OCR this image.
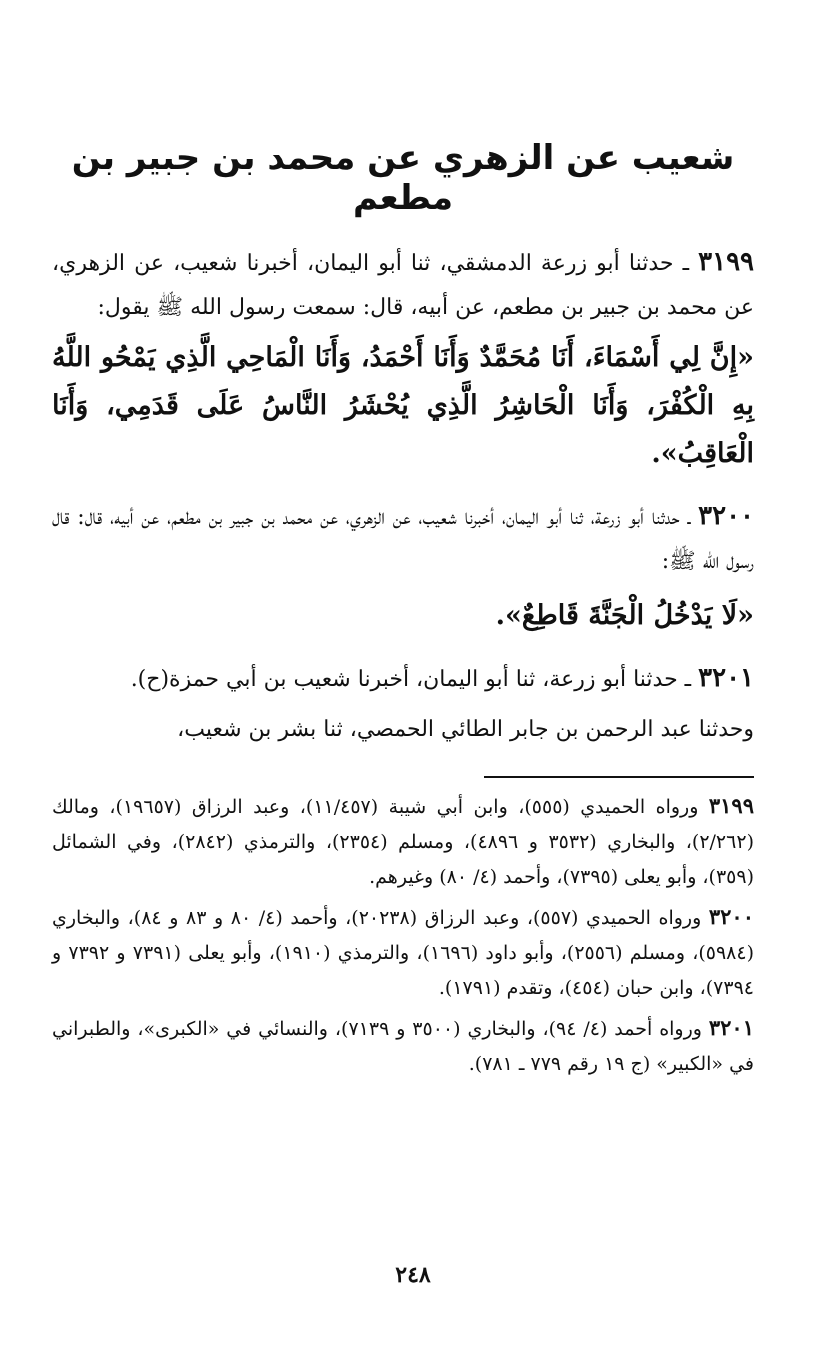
شعيب عن الزهري عن محمد بن جبير بن مطعم

٣١٩٩ ـ حدثنا أبو زرعة الدمشقي، ثنا أبو اليمان، أخبرنا شعيب، عن الزهري، عن محمد بن جبير بن مطعم، عن أبيه، قال: سمعت رسول الله ﷺ يقول:

«إِنَّ لِي أَسْمَاءَ، أَنَا مُحَمَّدٌ وَأَنَا أَحْمَدُ، وَأَنَا الْمَاحِي الَّذِي يَمْحُو اللَّهُ بِهِ الْكُفْرَ، وَأَنَا الْحَاشِرُ الَّذِي يُحْشَرُ النَّاسُ عَلَى قَدَمِي، وَأَنَا الْعَاقِبُ».

٣٢٠٠ ـ حدثنا أبو زرعة، ثنا أبو اليمان، أخبرنا شعيب، عن الزهري، عن محمد بن جبير بن مطعم، عن أبيه، قال: قال رسول الله ﷺ:

«لَا يَدْخُلُ الْجَنَّةَ قَاطِعٌ».

٣٢٠١ ـ حدثنا أبو زرعة، ثنا أبو اليمان، أخبرنا شعيب بن أبي حمزة(ح).

وحدثنا عبد الرحمن بن جابر الطائي الحمصي، ثنا بشر بن شعيب،

٣١٩٩ ورواه الحميدي (٥٥٥)، وابن أبي شيبة (١١/٤٥٧)، وعبد الرزاق (١٩٦٥٧)، ومالك (٢/٢٦٢)، والبخاري (٣٥٣٢ و ٤٨٩٦)، ومسلم (٢٣٥٤)، والترمذي (٢٨٤٢)، وفي الشمائل (٣٥٩)، وأبو يعلى (٧٣٩٥)، وأحمد (٤/ ٨٠) وغيرهم.

٣٢٠٠ ورواه الحميدي (٥٥٧)، وعبد الرزاق (٢٠٢٣٨)، وأحمد (٤/ ٨٠ و ٨٣ و ٨٤)، والبخاري (٥٩٨٤)، ومسلم (٢٥٥٦)، وأبو داود (١٦٩٦)، والترمذي (١٩١٠)، وأبو يعلى (٧٣٩١ و ٧٣٩٢ و ٧٣٩٤)، وابن حبان (٤٥٤)، وتقدم (١٧٩١).

٣٢٠١ ورواه أحمد (٤/ ٩٤)، والبخاري (٣٥٠٠ و ٧١٣٩)، والنسائي في «الكبرى»، والطبراني في «الكبير» (ج ١٩ رقم ٧٧٩ ـ ٧٨١).

٢٤٨
